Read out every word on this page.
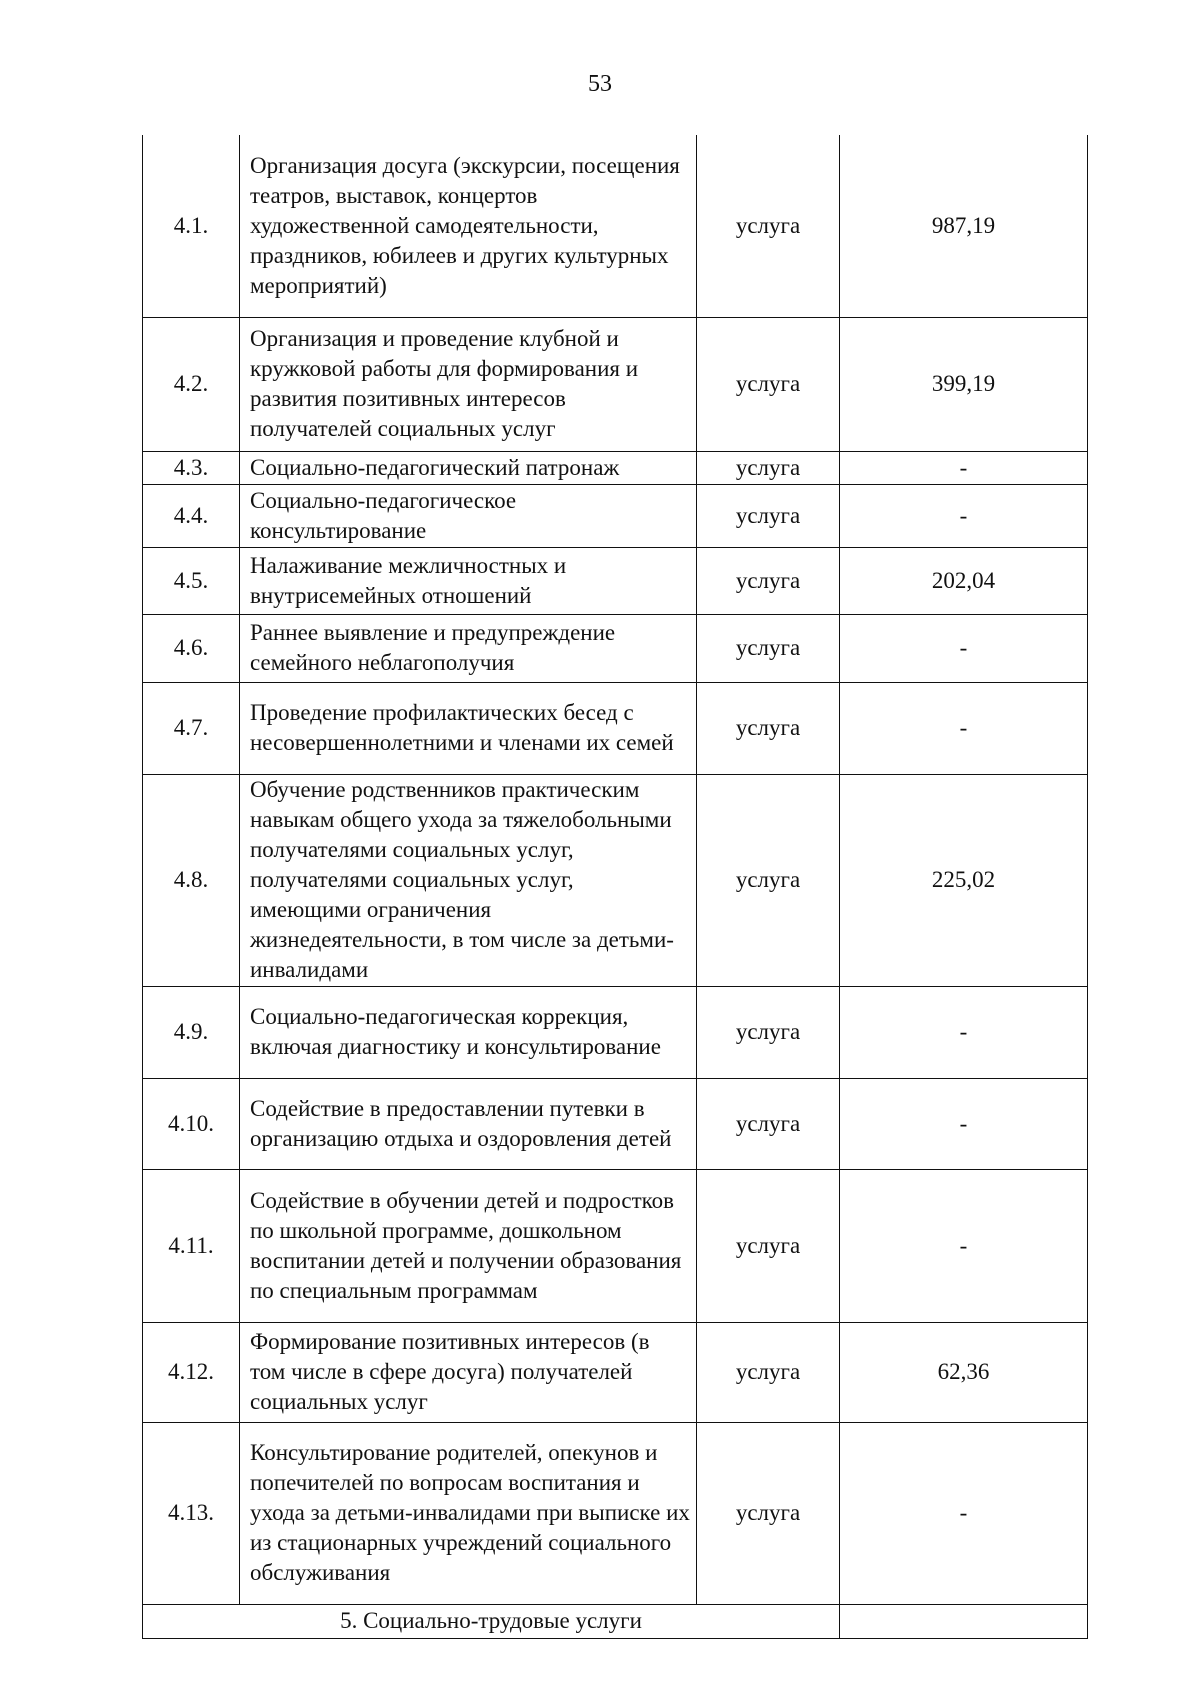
53
4.1.	Организация досуга (экскурсии, посещения театров, выставок, концертов художественной самодеятельности, праздников, юбилеев и других культурных мероприятий)	услуга	987,19
4.2.	Организация и проведение клубной и кружковой работы для формирования и развития позитивных интересов получателей социальных услуг	услуга	399,19
4.3.	Социально-педагогический патронаж	услуга	-
4.4.	Социально-педагогическое консультирование	услуга	-
4.5.	Налаживание межличностных и внутрисемейных отношений	услуга	202,04
4.6.	Раннее выявление и предупреждение семейного неблагополучия	услуга	-
4.7.	Проведение профилактических бесед с несовершеннолетними и членами их семей	услуга	-
4.8.	Обучение родственников практическим навыкам общего ухода за тяжелобольными получателями социальных услуг, получателями социальных услуг, имеющими ограничения жизнедеятельности, в том числе за детьми-инвалидами	услуга	225,02
4.9.	Социально-педагогическая коррекция, включая диагностику и консультирование	услуга	-
4.10.	Содействие в предоставлении путевки в организацию отдыха и оздоровления детей	услуга	-
4.11.	Содействие в обучении детей и подростков по школьной программе, дошкольном воспитании детей и получении образования по специальным программам	услуга	-
4.12.	Формирование позитивных интересов (в том числе в сфере досуга) получателей социальных услуг	услуга	62,36
4.13.	Консультирование родителей, опекунов и попечителей по вопросам воспитания и ухода за детьми-инвалидами при выписке их из стационарных учреждений социального обслуживания	услуга	-
5. Социально-трудовые услуги			
